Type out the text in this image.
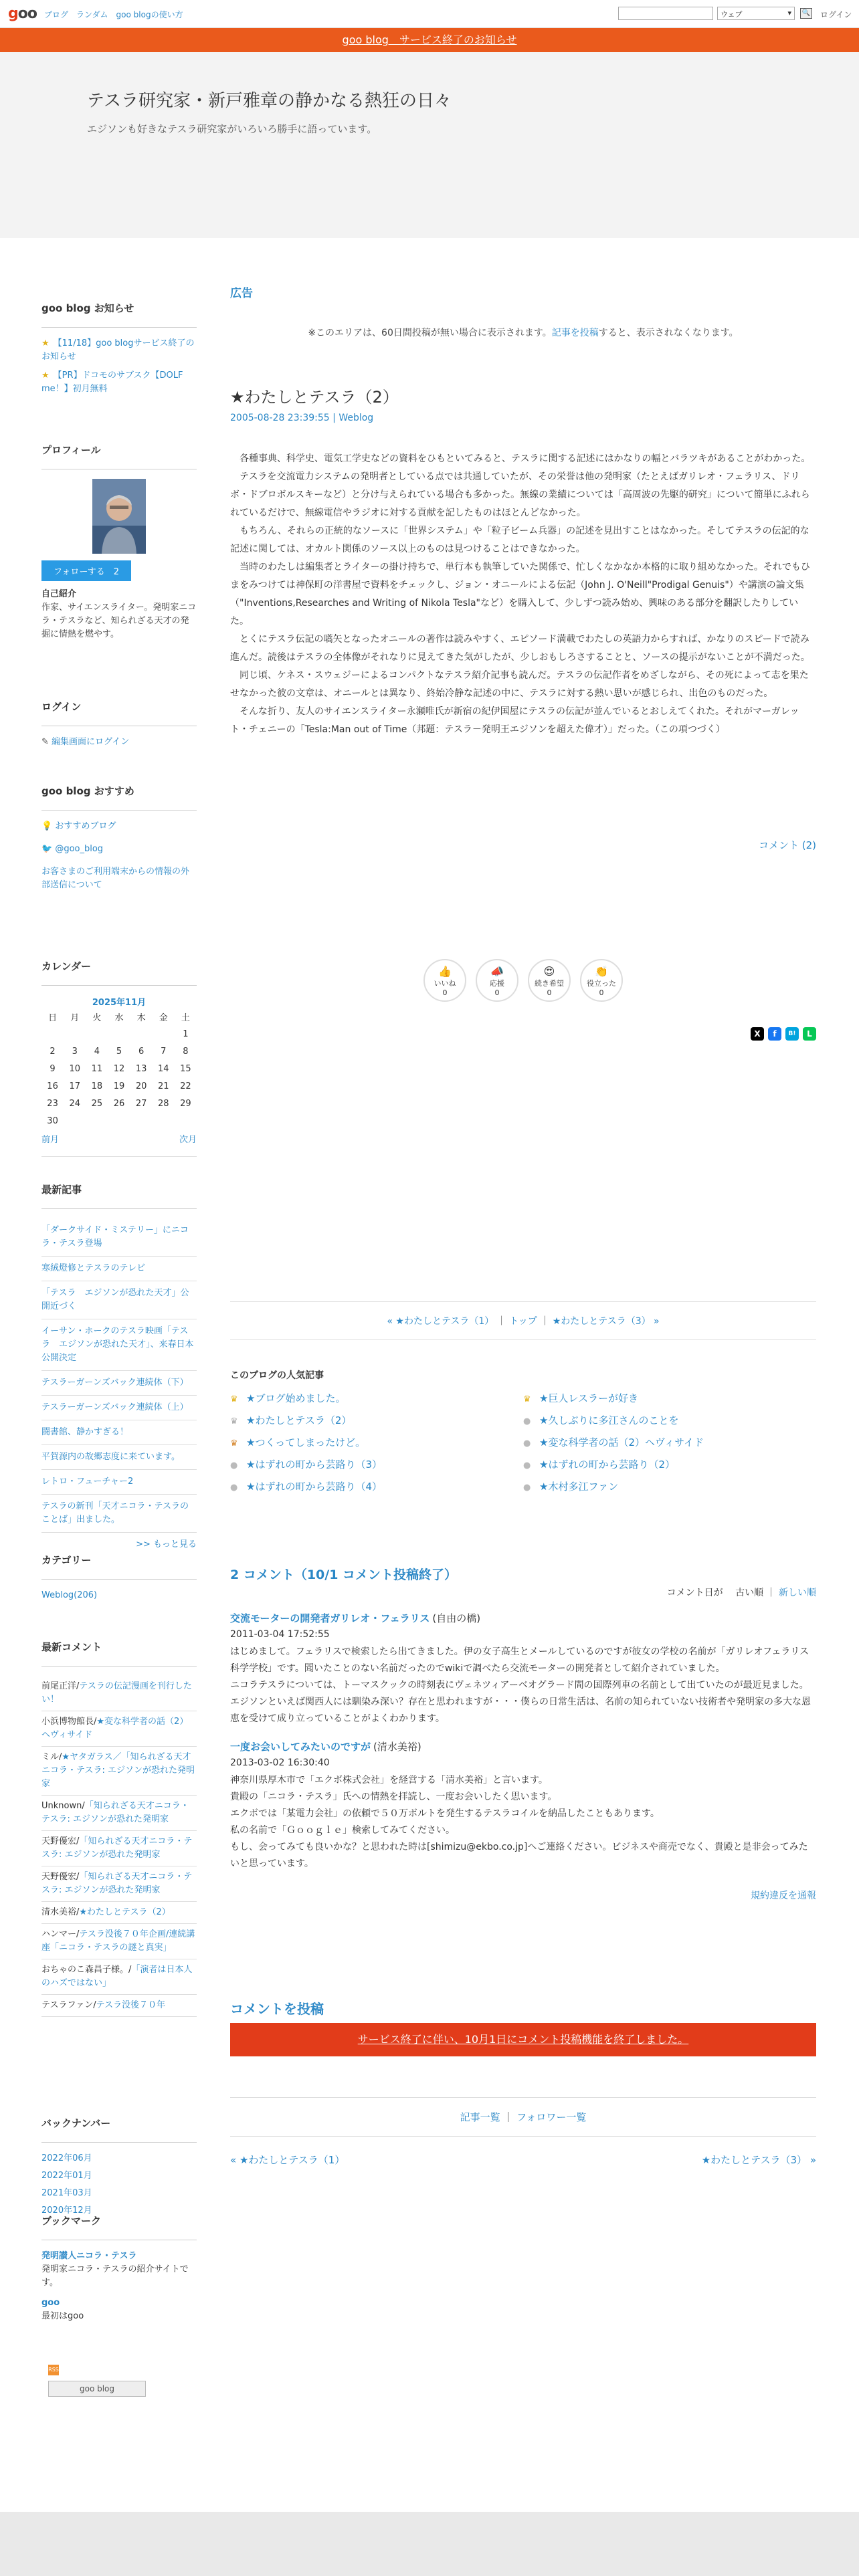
goo ブログ ランダム goo blogの使い方	ウェブ ▾	🔍 ログイン
goo blog　サービス終了のお知らせ
テスラ研究家・新戸雅章の静かなる熱狂の日々
エジソンも好きなテスラ研究家がいろいろ勝手に語っています。
goo blog お知らせ
★ 【11/18】goo blogサービス終了のお知らせ
★ 【PR】ドコモのサブスク【DOLF me！】初月無料
プロフィール
フォローする　 2
自己紹介
作家、サイエンスライター。発明家ニコラ・テスラなど、知られざる天才の発掘に情熱を燃やす。
ログイン
✎ 編集画面にログイン
goo blog おすすめ
💡 おすすめブログ
🐦 @goo_blog
お客さまのご利用端末からの情報の外部送信について
カレンダー
2025年11月
日	月	火	水	木	金	土
						1
2	3	4	5	6	7	8
9	10	11	12	13	14	15
16	17	18	19	20	21	22
23	24	25	26	27	28	29
30						
前月	次月
最新記事
「ダークサイド・ミステリー」にニコラ・テスラ登場
寒絨燈修とテスラのテレビ
「テスラ　エジソンが恐れた天才」公開近づく
イーサン・ホークのテスラ映画「テスラ　エジソンが恐れた天才」、来春日本公開決定
テスラーガーンズバック連続体（下）
テスラーガーンズバック連続体（上）
闘書館、静かすぎる！
平賀源内の故郷志度に来ています。
レトロ・フューチャー2
テスラの新刊「天才ニコラ・テスラのことば」出ました。
>> もっと見る
カテゴリー
Weblog(206)
最新コメント
前尾正洋/テスラの伝記漫画を刊行したい！
小浜博物館長/★変な科学者の話（2）ヘヴィサイド
ミル/★ヤタガラス／「知られざる天才ニコラ・テスラ: エジソンが恐れた発明家
Unknown/「知られざる天才ニコラ・テスラ: エジソンが恐れた発明家
天野優宏/「知られざる天才ニコラ・テスラ: エジソンが恐れた発明家
天野優宏/「知られざる天才ニコラ・テスラ: エジソンが恐れた発明家
清水美裕/★わたしとテスラ（2）
ハンマー/テスラ没後７０年企画/連続講座「ニコラ・テスラの謎と真実」
おちゃのこ森昌子様。/「演者は日本人のハズではない」
テスラファン/テスラ没後７０年
バックナンバー
2022年06月
2022年01月
2021年03月
2020年12月
ブックマーク
発明讃人ニコラ・テスラ
発明家ニコラ・テスラの紹介サイトです。
goo
最初はgoo
RSS
goo blog
広告
※このエリアは、60日間投稿が無い場合に表示されます。記事を投稿すると、表示されなくなります。
★わたしとテスラ（2）
2005-08-28 23:39:55 | Weblog

各種事典、科学史、電気工学史などの資料をひもといてみると、テスラに関する記述にはかなりの幅とバラツキがあることがわかった。

テスラを交流電力システムの発明者としている点では共通していたが、その栄誉は他の発明家（たとえばガリレオ・フェラリス、ドリボ・ドブロボルスキーなど）と分け与えられている場合も多かった。無線の業績については「高周波の先駆的研究」について簡単にふれられているだけで、無線電信やラジオに対する貢献を記したものはほとんどなかった。

もちろん、それらの正統的なソースに「世界システム」や「粒子ビーム兵器」の記述を見出すことはなかった。そしてテスラの伝記的な記述に関しては、オカルト関係のソース以上のものは見つけることはできなかった。

当時のわたしは編集者とライターの掛け持ちで、単行本も執筆していた関係で、忙しくなかなか本格的に取り組めなかった。それでもひまをみつけては神保町の洋書屋で資料をチェックし、ジョン・オニールによる伝記（John J. O'Neill"Prodigal Genuis"）や講演の論文集（"Inventions,Researches and Writing of Nikola Tesla"など）を購入して、少しずつ読み始め、興味のある部分を翻訳したりしていた。

とくにテスラ伝記の嚆矢となったオニールの著作は読みやすく、エピソード満載でわたしの英語力からすれば、かなりのスピードで読み進んだ。読後はテスラの全体像がそれなりに見えてきた気がしたが、少しおもしろさすることと、ソースの提示がないことが不満だった。

同じ頃、ケネス・スウェジーによるコンパクトなテスラ紹介記事も読んだ。テスラの伝記作者をめざしながら、その死によって志を果たせなかった彼の文章は、オニールとは異なり、終始冷静な記述の中に、テスラに対する熱い思いが感じられ、出色のものだった。

そんな折り、友人のサイエンスライター永瀬唯氏が新宿の紀伊国屋にテスラの伝記が並んでいるとおしえてくれた。それがマーガレット・チェニーの「Tesla:Man out of Time（邦題：テスラ－発明王エジソンを超えた偉才）」だった。（この項つづく）

コメント (2)
👍
いいね
0
📣
応援
0
😍
続き希望
0
👏
役立った
0
X	f	B!	L
« ★わたしとテスラ（1） ｜ トップ ｜ ★わたしとテスラ（3） »
このブログの人気記事
♛ ★ブログ始めました。	♛ ★巨人レスラーが好き
♛ ★わたしとテスラ（2）	● ★久しぶりに多江さんのことを
♛ ★つくってしまったけど。	● ★変な科学者の話（2）ヘヴィサイド
● ★はずれの町から芸路り（3）	● ★はずれの町から芸路り（2）
● ★はずれの町から芸路り（4）	● ★木村多江ファン
2 コメント（10/1 コメント投稿終了）
コメント日が　 古い順 ｜ 新しい順
交流モーターの開発者ガリレオ・フェラリス (自由の橋)
2011-03-04 17:52:55
はじめまして。フェラリスで検索したら出てきました。伊の女子高生とメールしているのですが彼女の学校の名前が「ガリレオフェラリス科学学校」です。聞いたことのない名前だったのでwikiで調べたら交流モーターの開発者として紹介されていました。
ニコラテスラについては、トーマスクックの時刻表にヴェネツィアーベオグラード間の国際列車の名前として出ていたのが最近見ました。
エジソンといえば関西人には馴染み深い？存在と思われますが・・・僕らの日常生活は、名前の知られていない技術者や発明家の多大な恩恵を受けて成り立っていることがよくわかります。
一度お会いしてみたいのですが (清水美裕)
2013-03-02 16:30:40
神奈川県厚木市で「エクボ株式会社」を経営する「清水美裕」と言います。
貴殿の「ニコラ・テスラ」氏への情熱を拝読し、一度お会いしたく思います。
エクボでは「某電力会社」の依頼で５０万ボルトを発生するテスラコイルを納品したこともあります。
私の名前で「Ｇｏｏｇｌｅ」検索してみてください。
もし、会ってみても良いかな？と思われた時は[shimizu@ekbo.co.jp]へご連絡ください。ビジネスや商売でなく、貴殿と是非会ってみたいと思っています。
規約違反を通報
コメントを投稿
サービス終了に伴い、10月1日にコメント投稿機能を終了しました。
記事一覧 ｜ フォロワー一覧
« ★わたしとテスラ（1）	★わたしとテスラ（3） »
